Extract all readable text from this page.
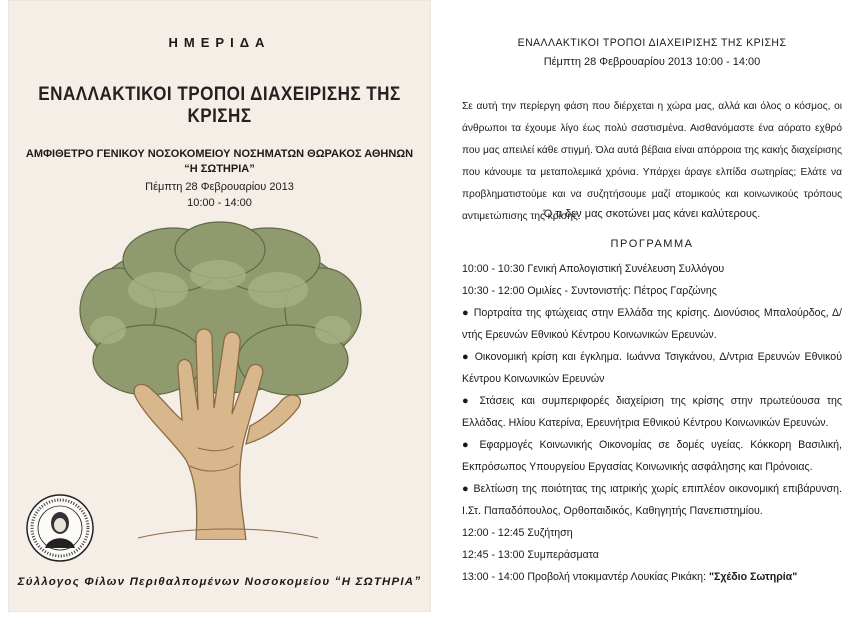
ΗΜΕΡΙΔΑ
ΕΝΑΛΛΑΚΤΙΚΟΙ ΤΡΟΠΟΙ ΔΙΑΧΕΙΡΙΣΗΣ ΤΗΣ ΚΡΙΣΗΣ
ΑΜΦΙΘΕΤΡΟ ΓΕΝΙΚΟΥ ΝΟΣΟΚΟΜΕΙΟΥ ΝΟΣΗΜΑΤΩΝ ΘΩΡΑΚΟΣ ΑΘΗΝΩΝ
“Η ΣΩΤΗΡΙΑ”
Πέμπτη 28 Φεβρουαρίου 2013
10:00 - 14:00
Σύλλογος Φίλων Περιθαλπομένων Νοσοκομείου “Η ΣΩΤΗΡΙΑ”
ΕΝΑΛΛΑΚΤΙΚΟΙ ΤΡΟΠΟΙ ΔΙΑΧΕΙΡΙΣΗΣ ΤΗΣ ΚΡΙΣΗΣ
Πέμπτη 28 Φεβρουαρίου 2013 10:00 - 14:00
Σε αυτή την περίεργη φάση που διέρχεται η χώρα μας, αλλά και όλος ο κόσμος, οι άνθρωποι τα έχουμε λίγο έως πολύ σαστισμένα. Αισθανόμαστε ένα αόρατο εχθρό που μας απειλεί κάθε στιγμή. Όλα αυτά βέβαια είναι απόρροια της κακής διαχείρισης που κάνουμε τα μεταπολεμικά χρόνια. Υπάρχει άραγε ελπίδα σωτηρίας; Ελάτε να προβληματιστούμε και να συζητήσουμε μαζί ατομικούς και κοινωνικούς τρόπους αντιμετώπισης της κρίσης.
Ό,τι δεν μας σκοτώνει μας κάνει καλύτερους.
ΠΡΟΓΡΑΜΜΑ
10:00 - 10:30 Γενική Απολογιστική Συνέλευση Συλλόγου
10:30 - 12:00 Ομιλίες - Συντονιστής: Πέτρος Γαρζώνης
● Πορτραίτα της φτώχειας στην Ελλάδα της κρίσης. Διονύσιος Μπαλούρδος, Δ/ντής Ερευνών Εθνικού Κέντρου Κοινωνικών Ερευνών.
● Οικονομική κρίση και έγκλημα. Ιωάννα Τσιγκάνου, Δ/ντρια Ερευνών Εθνικού Κέντρου Κοινωνικών Ερευνών
● Στάσεις και συμπεριφορές διαχείριση της κρίσης στην πρωτεύουσα της Ελλάδας. Ηλίου Κατερίνα, Ερευνήτρια Εθνικού Κέντρου Κοινωνικών Ερευνών.
● Εφαρμογές Κοινωνικής Οικονομίας σε δομές υγείας. Κόκκορη Βασιλική, Εκπρόσωπος Υπουργείου Εργασίας Κοινωνικής ασφάλησης και Πρόνοιας.
● Βελτίωση της ποιότητας της ιατρικής χωρίς επιπλέον οικονομική επιβάρυνση. Ι.Στ. Παπαδόπουλος, Ορθοπαιδικός, Καθηγητής Πανεπιστημίου.
12:00 - 12:45 Συζήτηση
12:45 - 13:00 Συμπεράσματα
13:00 - 14:00 Προβολή ντοκιμαντέρ Λουκίας Ρικάκη: "Σχέδιο Σωτηρία"
